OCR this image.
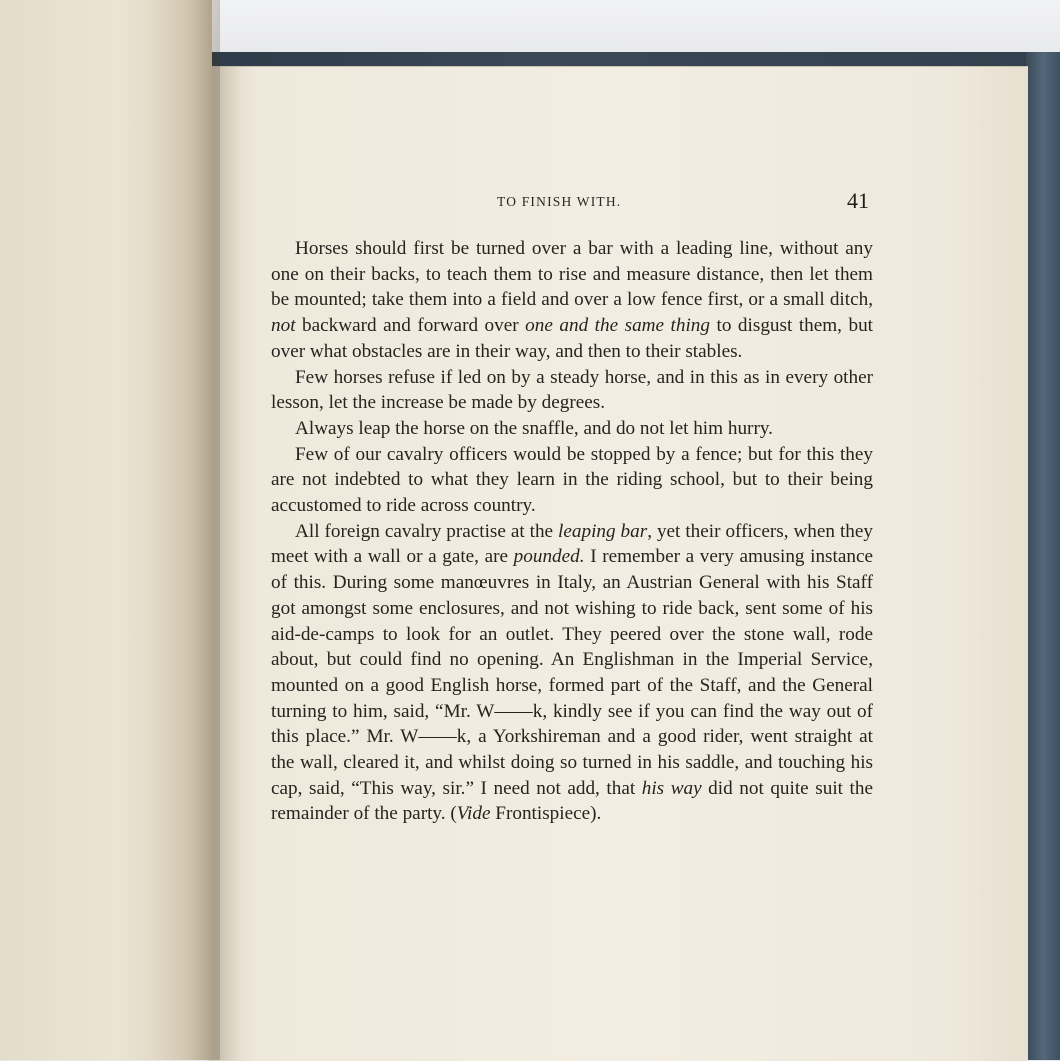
TO FINISH WITH.	41

Horses should first be turned over a bar with a leading line, without any one on their backs, to teach them to rise and measure distance, then let them be mounted; take them into a field and over a low fence first, or a small ditch, not backward and forward over one and the same thing to disgust them, but over what obstacles are in their way, and then to their stables.

Few horses refuse if led on by a steady horse, and in this as in every other lesson, let the increase be made by degrees.

Always leap the horse on the snaffle, and do not let him hurry.

Few of our cavalry officers would be stopped by a fence; but for this they are not indebted to what they learn in the riding school, but to their being accustomed to ride across country.

All foreign cavalry practise at the leaping bar, yet their officers, when they meet with a wall or a gate, are pounded. I remember a very amusing instance of this. During some manœuvres in Italy, an Austrian General with his Staff got amongst some enclosures, and not wishing to ride back, sent some of his aid-de-camps to look for an outlet. They peered over the stone wall, rode about, but could find no opening. An Englishman in the Imperial Service, mounted on a good English horse, formed part of the Staff, and the General turning to him, said, “Mr. W——k, kindly see if you can find the way out of this place.” Mr. W——k, a Yorkshireman and a good rider, went straight at the wall, cleared it, and whilst doing so turned in his saddle, and touching his cap, said, “This way, sir.” I need not add, that his way did not quite suit the remainder of the party. (Vide Frontispiece).
